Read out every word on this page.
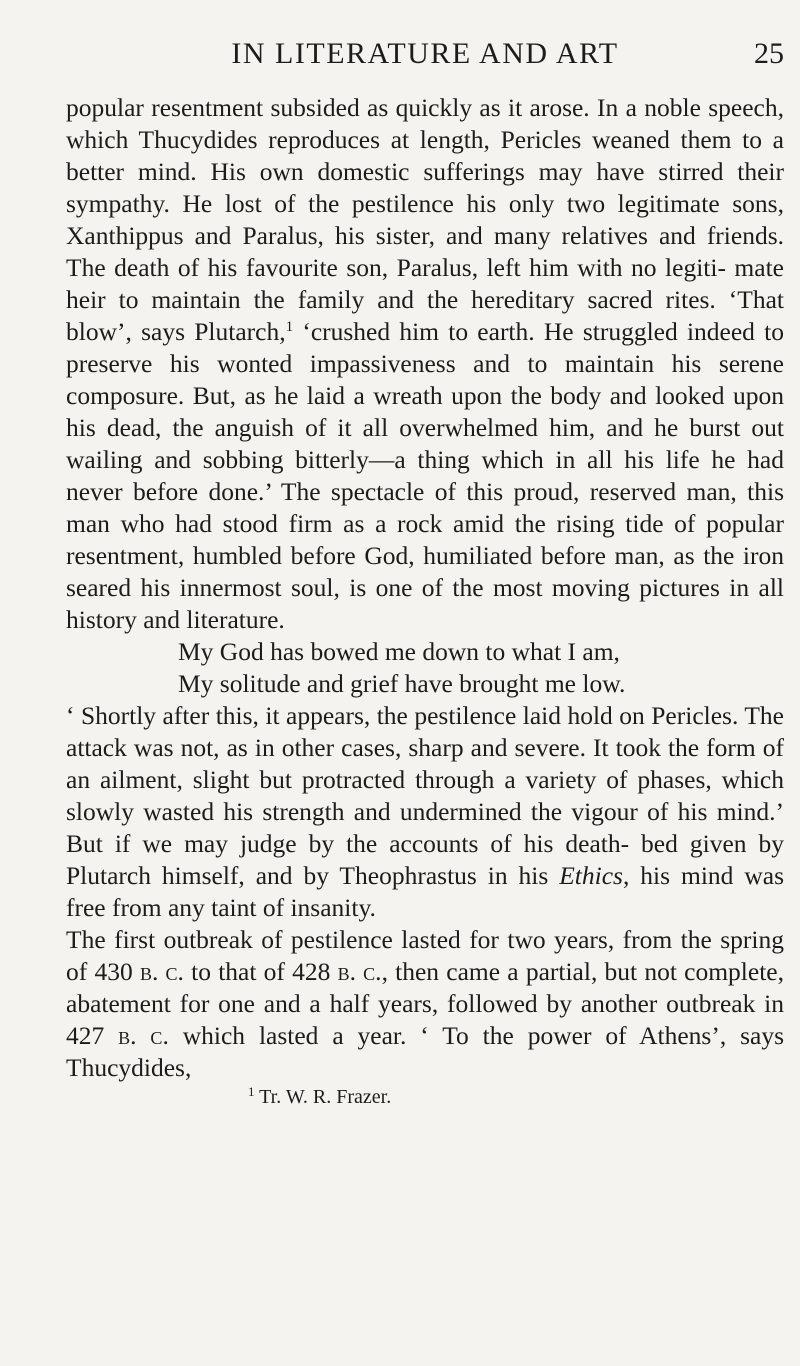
IN LITERATURE AND ART	25

popular resentment subsided as quickly as it arose. In a noble speech, which Thucydides reproduces at length, Pericles weaned them to a better mind. His own domestic sufferings may have stirred their sympathy. He lost of the pestilence his only two legitimate sons, Xanthippus and Paralus, his sister, and many relatives and friends. The death of his favourite son, Paralus, left him with no legiti- mate heir to maintain the family and the hereditary sacred rites. ‘That blow’, says Plutarch,$^1$ ‘crushed him to earth. He struggled indeed to preserve his wonted impassiveness and to maintain his serene composure. But, as he laid a wreath upon the body and looked upon his dead, the anguish of it all overwhelmed him, and he burst out wailing and sobbing bitterly—a thing which in all his life he had never before done.’ The spectacle of this proud, reserved man, this man who had stood firm as a rock amid the rising tide of popular resentment, humbled before God, humiliated before man, as the iron seared his innermost soul, is one of the most moving pictures in all history and literature.

My God has bowed me down to what I am,
My solitude and grief have brought me low.

‘ Shortly after this, it appears, the pestilence laid hold on Pericles. The attack was not, as in other cases, sharp and severe. It took the form of an ailment, slight but protracted through a variety of phases, which slowly wasted his strength and undermined the vigour of his mind.’ But if we may judge by the accounts of his death- bed given by Plutarch himself, and by Theophrastus in his Ethics, his mind was free from any taint of insanity.

The first outbreak of pestilence lasted for two years, from the spring of 430 b. c. to that of 428 b. c., then came a partial, but not complete, abatement for one and a half years, followed by another outbreak in 427 b. c. which lasted a year. ‘ To the power of Athens’, says Thucydides,

$^1$ Tr. W. R. Frazer.
